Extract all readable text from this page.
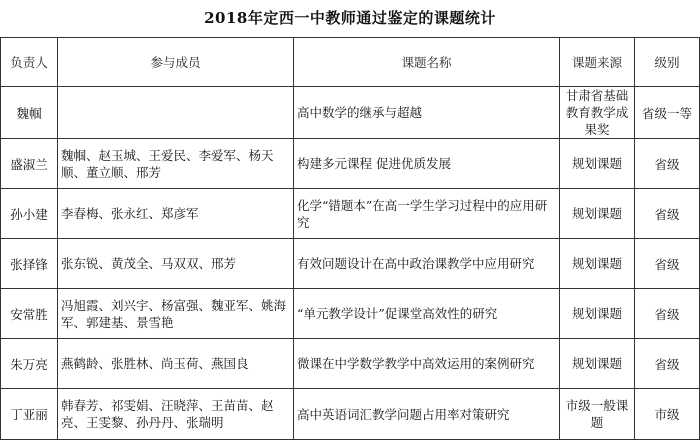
2018年定西一中教师通过鉴定的课题统计
负责人	参与成员	课题名称	课题来源	级别
魏帼		高中数学的继承与超越	甘肃省基础教育教学成果奖	省级一等
盛淑兰	魏帼、赵玉城、王爱民、李爱军、杨天顺、董立顺、邢芳	构建多元课程 促进优质发展	规划课题	省级
孙小建	李春梅、张永红、郑彦军	化学“错题本”在高一学生学习过程中的应用研究	规划课题	省级
张择锋	张东锐、黄茂全、马双双、邢芳	有效问题设计在高中政治课教学中应用研究	规划课题	省级
安常胜	冯旭霞、刘兴宇、杨富强、魏亚军、姚海军、郭建基、景雪艳	“单元教学设计”促课堂高效性的研究	规划课题	省级
朱万亮	燕鹤龄、张胜林、尚玉荷、燕国良	微课在中学数学教学中高效运用的案例研究	规划课题	省级
丁亚丽	韩春芳、祁雯娟、汪晓萍、王苗苗、赵亮、王雯黎、孙丹丹、张瑞明	高中英语词汇教学问题占用率对策研究	市级一般课题	市级
